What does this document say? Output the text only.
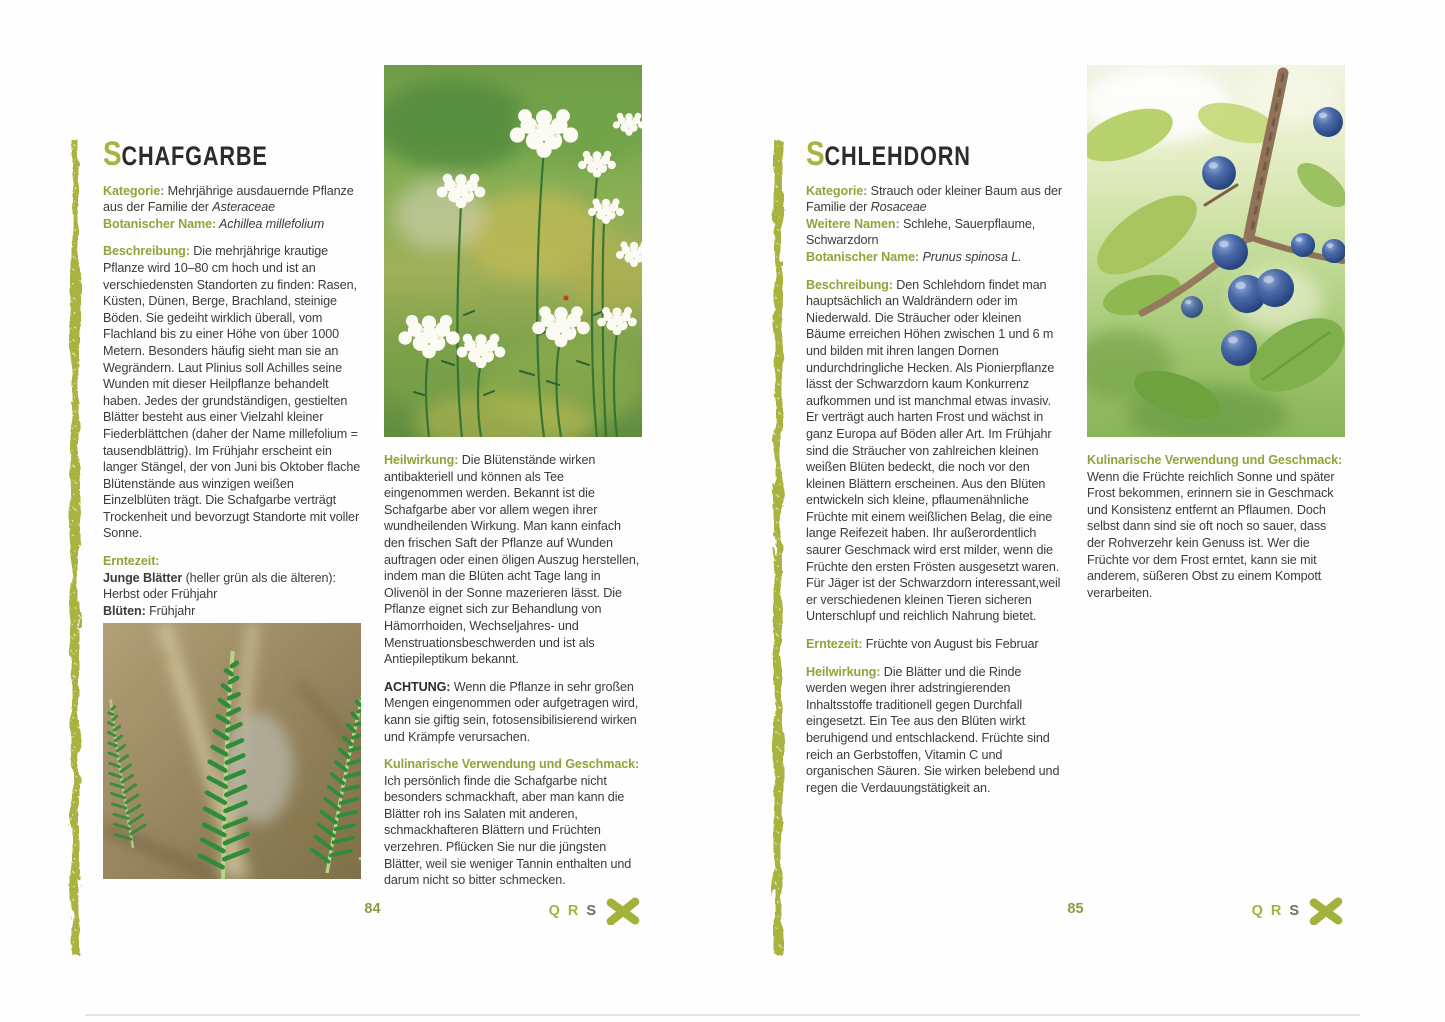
SCHAFGARBE
Kategorie: Mehrjährige ausdauernde Pflanze aus der Familie der Asteraceae
Botanischer Name: Achillea millefolium
Beschreibung: Die mehrjährige krautige Pflanze wird 10–80 cm hoch und ist an verschiedensten Standorten zu finden: Rasen, Küsten, Dünen, Berge, Brachland, steinige Böden. Sie gedeiht wirklich überall, vom Flachland bis zu einer Höhe von über 1000 Metern. Besonders häufig sieht man sie an Wegrändern. Laut Plinius soll Achilles seine Wunden mit dieser Heilpflanze behandelt haben. Jedes der grundständigen, gestielten Blätter besteht aus einer Vielzahl kleiner Fiederblättchen (daher der Name millefolium = tausendblättrig). Im Frühjahr erscheint ein langer Stängel, der von Juni bis Oktober flache Blütenstände aus winzigen weißen Einzelblüten trägt. Die Schafgarbe verträgt Trockenheit und bevorzugt Standorte mit voller Sonne.
Erntezeit:
Junge Blätter (heller grün als die älteren): Herbst oder Frühjahr
Blüten: Frühjahr
Heilwirkung: Die Blütenstände wirken antibakteriell und können als Tee eingenommen werden. Bekannt ist die Schafgarbe aber vor allem wegen ihrer wundheilenden Wirkung. Man kann einfach den frischen Saft der Pflanze auf Wunden auftragen oder einen öligen Auszug herstellen, indem man die Blüten acht Tage lang in Olivenöl in der Sonne mazerieren lässt. Die Pflanze eignet sich zur Behandlung von Hämorrhoiden, Wechseljahres- und Menstruationsbeschwerden und ist als Antiepileptikum bekannt.
ACHTUNG: Wenn die Pflanze in sehr großen Mengen eingenommen oder aufgetragen wird, kann sie giftig sein, fotosensibilisierend wirken und Krämpfe verursachen.
Kulinarische Verwendung und Geschmack:
Ich persönlich finde die Schafgarbe nicht besonders schmackhaft, aber man kann die Blätter roh ins Salaten mit anderen, schmackhafteren Blättern und Früchten verzehren. Pflücken Sie nur die jüngsten Blätter, weil sie weniger Tannin enthalten und darum nicht so bitter schmecken.
84	Q R S
SCHLEHDORN
Kategorie: Strauch oder kleiner Baum aus der Familie der Rosaceae
Weitere Namen: Schlehe, Sauerpflaume, Schwarzdorn
Botanischer Name: Prunus spinosa L.
Beschreibung: Den Schlehdorn findet man hauptsächlich an Waldrändern oder im Niederwald. Die Sträucher oder kleinen Bäume erreichen Höhen zwischen 1 und 6 m und bilden mit ihren langen Dornen undurchdringliche Hecken. Als Pionierpflanze lässt der Schwarzdorn kaum Konkurrenz aufkommen und ist manchmal etwas invasiv. Er verträgt auch harten Frost und wächst in ganz Europa auf Böden aller Art. Im Frühjahr sind die Sträucher von zahlreichen kleinen weißen Blüten bedeckt, die noch vor den kleinen Blättern erscheinen. Aus den Blüten entwickeln sich kleine, pflaumenähnliche Früchte mit einem weißlichen Belag, die eine lange Reifezeit haben. Ihr außerordentlich saurer Geschmack wird erst milder, wenn die Früchte den ersten Frösten ausgesetzt waren. Für Jäger ist der Schwarzdorn interessant,weil er verschiedenen kleinen Tieren sicheren Unterschlupf und reichlich Nahrung bietet.
Erntezeit: Früchte von August bis Februar
Heilwirkung: Die Blätter und die Rinde werden wegen ihrer adstringierenden Inhaltsstoffe traditionell gegen Durchfall eingesetzt. Ein Tee aus den Blüten wirkt beruhigend und entschlackend. Früchte sind reich an Gerbstoffen, Vitamin C und organischen Säuren. Sie wirken belebend und regen die Verdauungstätigkeit an.
Kulinarische Verwendung und Geschmack:
Wenn die Früchte reichlich Sonne und später Frost bekommen, erinnern sie in Geschmack und Konsistenz entfernt an Pflaumen. Doch selbst dann sind sie oft noch so sauer, dass der Rohverzehr kein Genuss ist. Wer die Früchte vor dem Frost erntet, kann sie mit anderem, süßeren Obst zu einem Kompott verarbeiten.
85	Q R S
